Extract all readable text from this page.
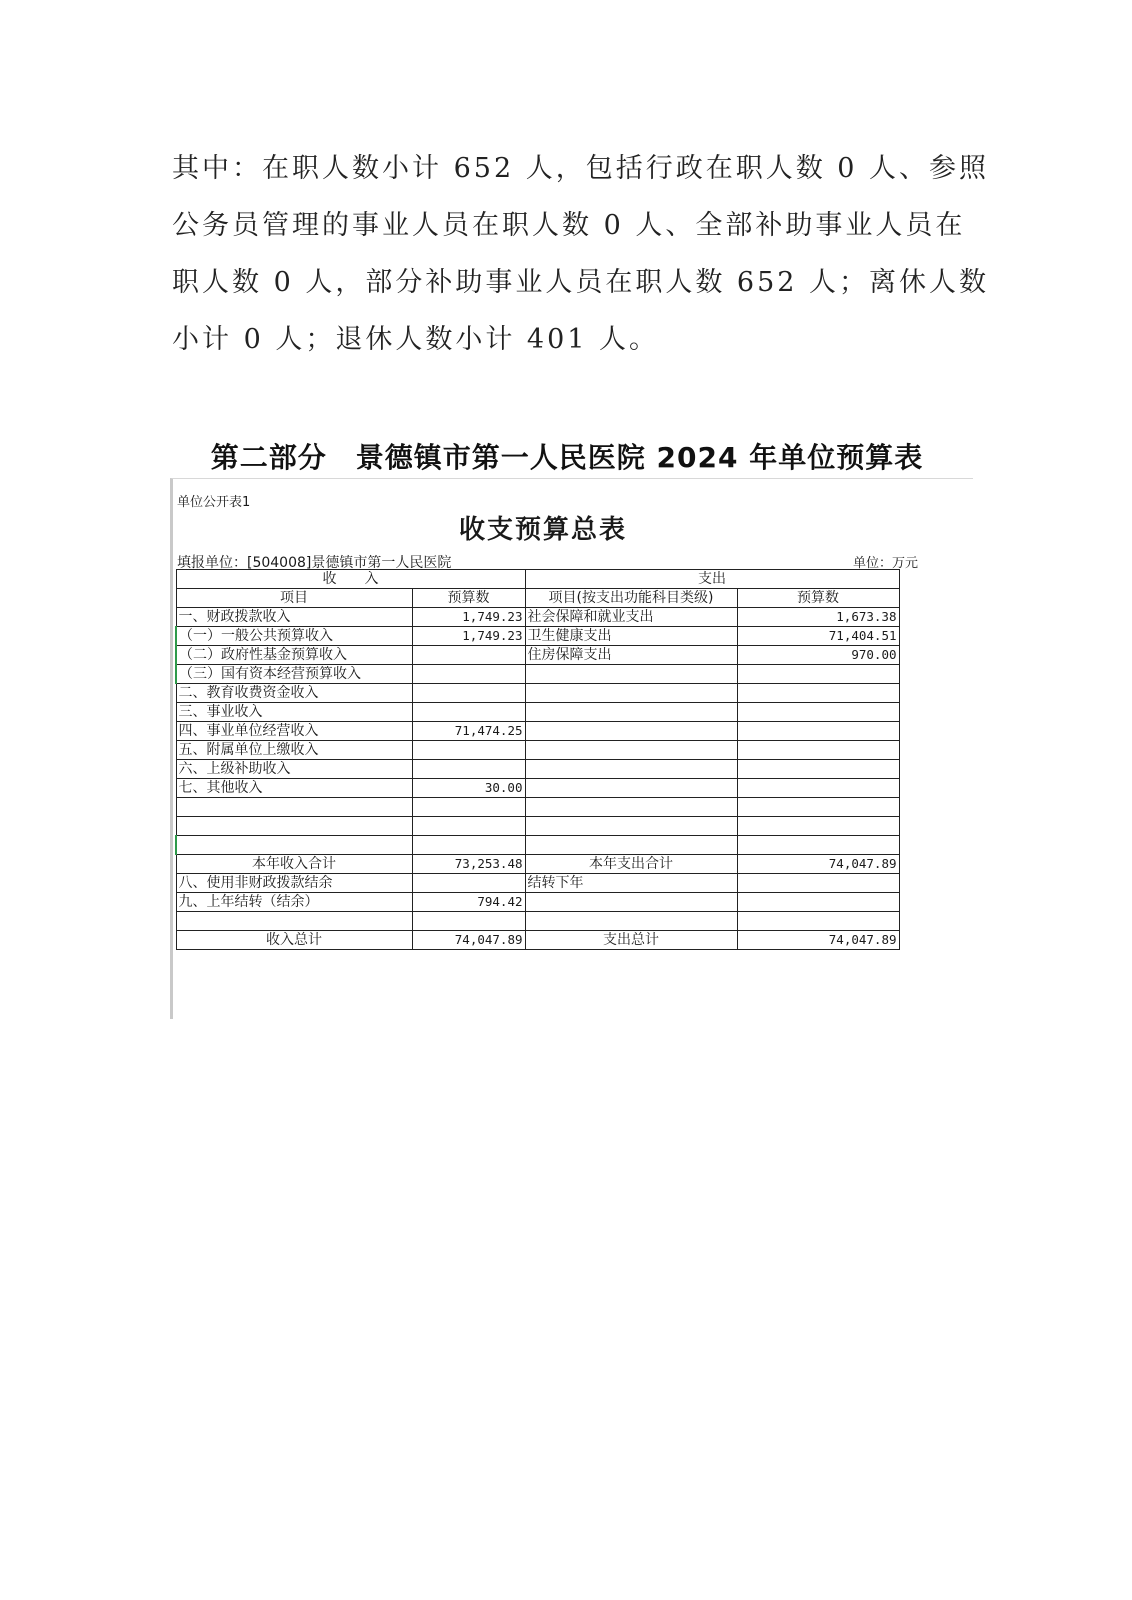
其中：在职人数小计 652 人，包括行政在职人数 0 人、参照

公务员管理的事业人员在职人数 0 人、全部补助事业人员在

职人数 0 人，部分补助事业人员在职人数 652 人；离休人数

小计 0 人；退休人数小计 401 人。

第二部分　景德镇市第一人民医院 2024 年单位预算表
单位公开表1
收支预算总表
填报单位：[504008]景德镇市第一人民医院	单位：万元
收　　入		支出	
项目	预算数	项目(按支出功能科目类级)	预算数
一、财政拨款收入	1,749.23	社会保障和就业支出	1,673.38
（一）一般公共预算收入	1,749.23	卫生健康支出	71,404.51
（二）政府性基金预算收入		住房保障支出	970.00
（三）国有资本经营预算收入			
二、教育收费资金收入			
三、事业收入			
四、事业单位经营收入	71,474.25		
五、附属单位上缴收入			
六、上级补助收入			
七、其他收入	30.00		

本年收入合计	73,253.48	本年支出合计	74,047.89
八、使用非财政拨款结余		结转下年	
九、上年结转（结余）	794.42		

收入总计	74,047.89	支出总计	74,047.89
